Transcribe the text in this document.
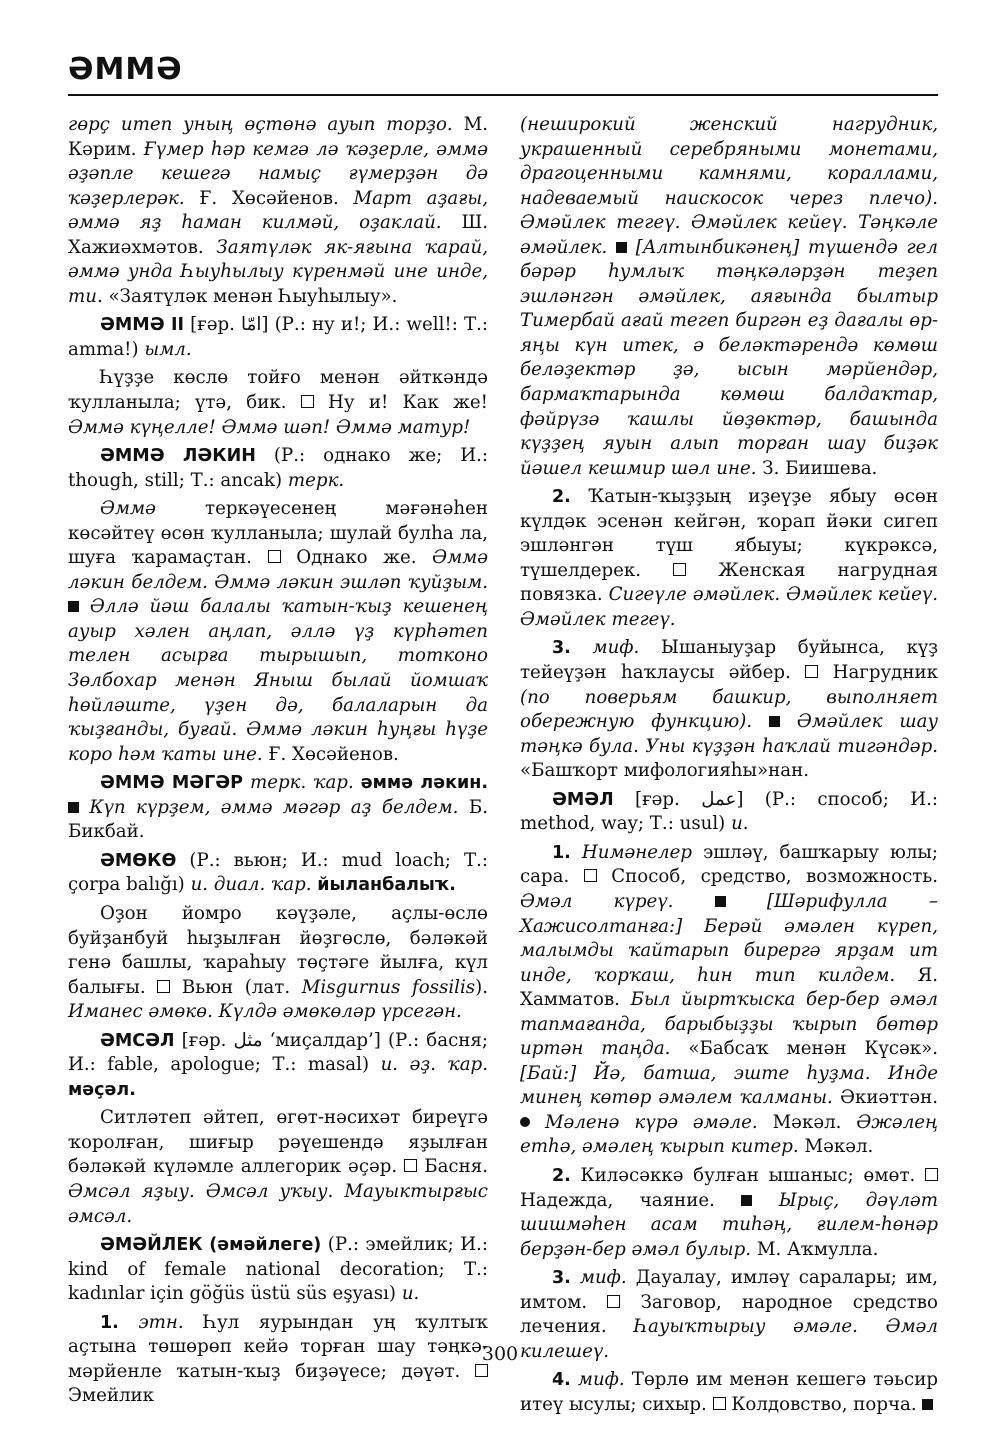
ӘММӘ

гөрç итеп уның өçтөнә ауып торҙо. М. Кәрим. Ғүмер һәр кемгә лә ҡәҙерле, әммә әҙәпле кешегә намыç ғүмерҙән дә ҡәҙерлерәк. Ғ. Хөсәйенов. Март аҙағы, әммә яҙ һаман килмәй, оҙаклай. Ш. Хажиәхмәтов. Заятүләк як-яғына ҡарай, әммә унда Һыуһылыу күренмәй ине инде, ти. «Заятүләк менән Һыуһылыу».

ӘММӘ II [ғәр. امّا] (Р.: ну и!; И.: well!: Т.: amma!) ымл.

Һүҙҙе көслө тойғо менән әйткәндә ҡулланыла; үтә, бик.  Ну и! Как же! Әммә күңелле! Әммә шәп! Әммә матур!

ӘММӘ ЛӘКИН (Р.: однако же; И.: though, still; Т.: ancak) терк.

Әммә теркәүесенең мәғәнәһен көсәйтеү өсөн ҡулланыла; шулай булһа ла, шуға ҡарамаçтан.  Однако же. Әммә ләкин белдем. Әммә ләкин эшләп ҡуйҙым.  Әллә йәш балалы ҡатын-ҡыҙ кешенең ауыр хәлен аңлап, әллә үҙ күрһәтеп телен асырға тырышып, тотконо Зөлбохар менән Яныш былай йомшаҡ һөйләште, үҙен дә, балаларын да ҡыҙғанды, буғай. Әммә ләкин һуңғы һүҙе коро һәм ҡаты ине. Ғ. Хөсәйенов.

ӘММӘ МӘГӘР терк. ҡар. әммә ләкин.  Күп күрҙем, әммә мәгәр аҙ белдем. Б. Бикбай.

ӘМӨКӨ (Р.: вьюн; И.: mud loach; Т.: çorpa balığı) и. диал. ҡар. йыланбалыҡ.

Оҙон йомро кәүҙәле, аçлы-өслө буйҙанбуй һыҙылған йөҙгөслө, бәләкәй генә башлы, ҡараһыу төçтәге йылға, күл балығы.  Вьюн (лат. Misgurnus fossilis). Иманес әмөкө. Күлдә әмөкөләр үрсегән.

ӘМСӘЛ [ғәр. مثل ‘миçалдар’] (Р.: басня; И.: fable, apologue; Т.: masal) и. әҙ. ҡар. мәçәл.

Ситләтеп әйтеп, өгөт-нәсихәт биреүгә ҡоролған, шиғыр рәүешендә яҙылған бәләкәй күләмле аллегорик әçәр.  Басня. Әмсәл яҙыу. Әмсәл уҡыу. Мауыктырғыс әмсәл.

ӘМӘЙЛЕК (әмәйлеге) (Р.: эмейлик; И.: kind of female national decoration; Т.: kadınlar için göğüs üstü süs eşyası) и.

1. этн. Һул яурындан уң ҡултыҡ аçтына төшөрөп кейә торған шау тәңкә-мәрйенле ҡатын-ҡыҙ биҙәүесе; дәүәт.  Эмейлик

(неширокий женский нагрудник, украшенный серебряными монетами, драгоценными камнями, кораллами, надеваемый наискосок через плечо). Әмәйлек тегеү. Әмәйлек кейеү. Тәңкәле әмәйлек. [Алтынбикәнең] түшендә гел бәрәр һумлыҡ тәңкәләрҙән теҙеп эшләнгән әмәйлек, аяғында былтыр Тимербай ағай тегеп биргән еҙ дағалы өр-яңы күн итек, ә беләктәрендә көмөш беләҙектәр ҙә, ысын мәрйендәр, бармаҡтарында көмөш балдаҡтар, фәйрүзә ҡашлы йөҙөктәр, башында күҙҙең яуын алып торған шау биҙәк йәшел кешмир шәл ине. З. Биишева.

2. Ҡатын-ҡыҙҙың иҙеүҙе ябыу өсөн күлдәк эсенән кейгән, ҡорап йәки сигеп эшләнгән түш ябыуы; күкрәксә, түшелдерек.  Женская нагрудная повязка. Сигеүле әмәйлек. Әмәйлек кейеү. Әмәйлек тегеү.

3. миф. Ышаныуҙар буйынса, күҙ тейеүҙән һаҡлаусы әйбер.  Нагрудник (по поверьям башкир, выполняет обережную функцию). Әмәйлек шау тәңкә була. Уны күҙҙән һаҡлай тигәндәр. «Башҡорт мифологияһы»нан.

ӘМӘЛ [ғәр. عمل] (Р.: способ; И.: method, way; Т.: usul) и.

1. Нимәнелер эшләү, башҡарыу юлы; сара.  Способ, средство, возможность. Әмәл күреү.	[Шәрифулла – Хажисолтанға:] Берәй әмәлен күреп, малымды ҡайтарып бирергә ярҙам ит инде, ҡорҡаш, һин тип килдем. Я. Хамматов. Был йыртҡыска бер-бер әмәл тапмағанда, барыбыҙҙы ҡырып бөтөр иртән таңда. «Бабсаҡ менән Күсәк». [Бай:] Йә, батша, эште һуҙма. Инде минең көтөр әмәлем ҡалманы. Әкиәттән.  Мәленә күрә әмәле. Мәкәл. Әжәлең етһә, әмәлең ҡырып китер. Мәкәл.

2. Киләсәккә булған ышаныс; өмөт.  Надежда, чаяние.  Ырыç, дәүләт шишмәһен асам тиһәң, ғилем-һөнәр берҙән-бер әмәл булыр. М. Аҡмулла.

3. миф. Дауалау, имләү саралары; им, имтом.  Заговор, народное средство лечения. Һауыҡтырыу әмәле. Әмәл килешеү.

4. миф. Төрлө им менән кешегә тәьсир итеү ысулы; сихыр.  Колдовство, порча.

300
